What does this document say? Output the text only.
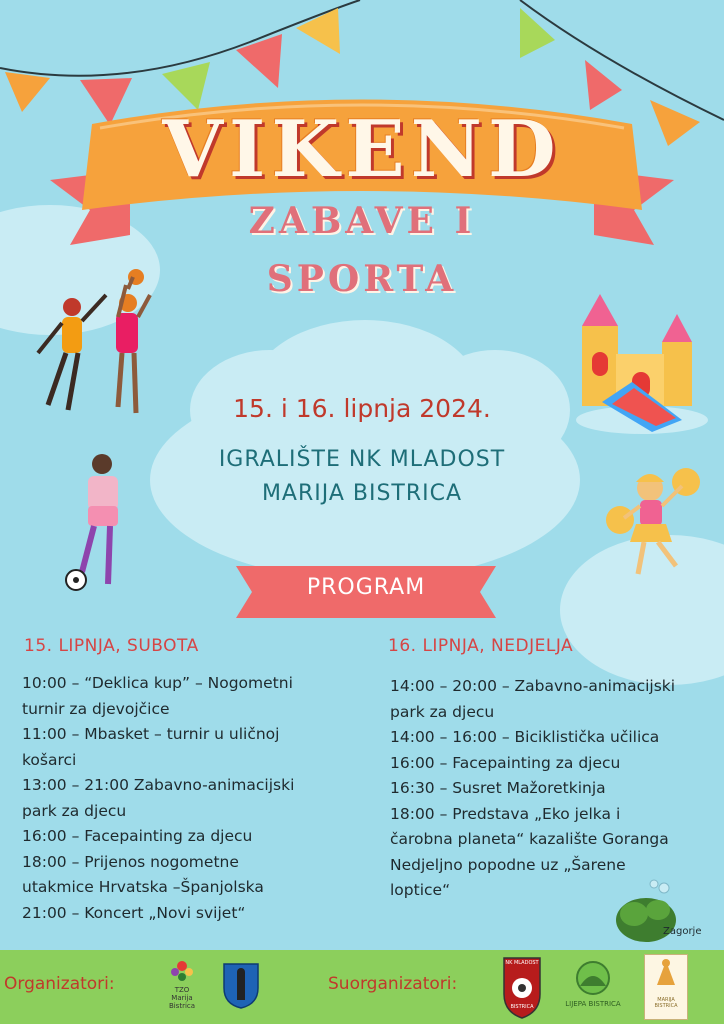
VIKEND
ZABAVE I
SPORTA
15. i 16. lipnja 2024.
IGRALIŠTE NK MLADOST
MARIJA BISTRICA
PROGRAM
15. LIPNJA, SUBOTA
10:00 – “Deklica kup” – Nogometni
turnir za djevojčice
11:00 – Mbasket – turnir u uličnoj
košarci
13:00 – 21:00 Zabavno-animacijski
park za djecu
16:00 – Facepainting za djecu
18:00 – Prijenos nogometne
utakmice Hrvatska –Španjolska
21:00 – Koncert „Novi svijet“
16. LIPNJA, NEDJELJA
14:00 – 20:00 – Zabavno-animacijski
park za djecu
14:00 – 16:00 – Biciklistička učilica
16:00 – Facepainting za djecu
16:30 – Susret Mažoretkinja
18:00 – Predstava „Eko jelka i
čarobna planeta“ kazalište Goranga
Nedjeljno popodne uz „Šarene
loptice“
Zagorje
Organizatori:	Suorganizatori:
TZO
Marija
Bistrica
NK MLADOST
BISTRICA	LIJEPA BISTRICA	MARIJA BISTRICA
